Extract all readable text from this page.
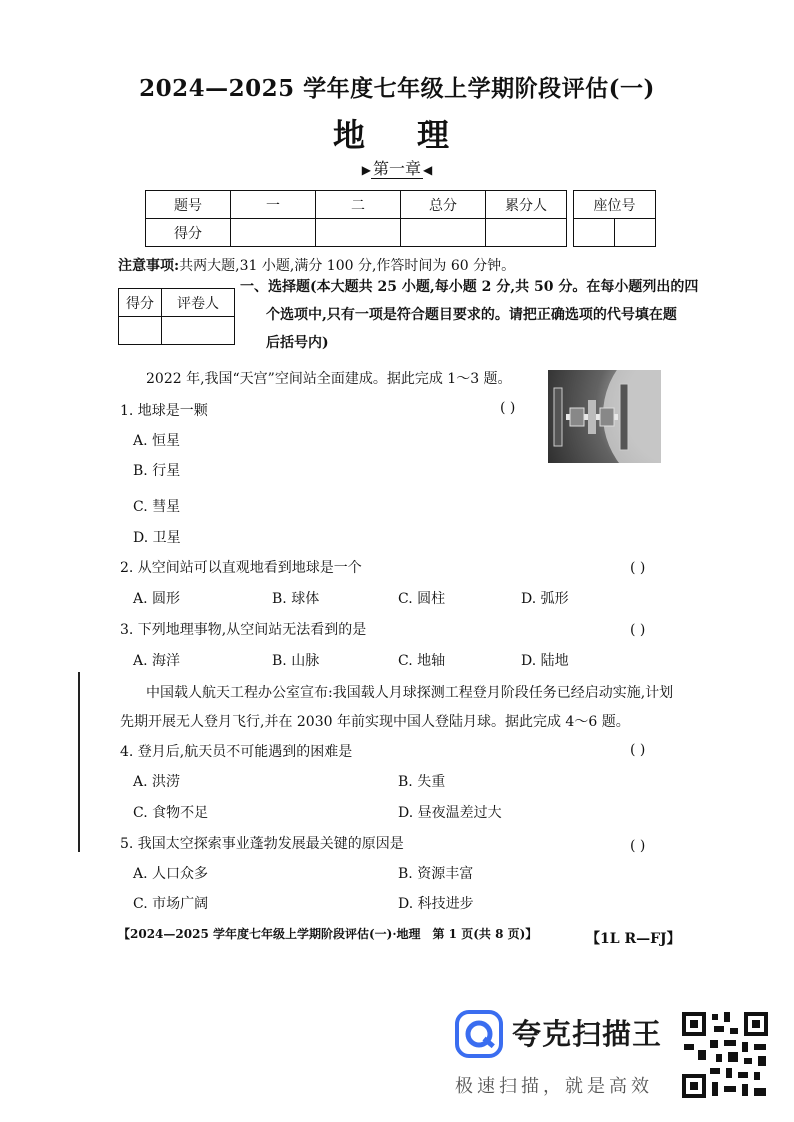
2024—2025 学年度七年级上学期阶段评估(一)
地理
▶ 第一章 ◀
题号	一	二	总分	累分人
得分				
座位号

注意事项:共两大题,31 小题,满分 100 分,作答时间为 60 分钟。
得分	评卷人

一、选择题(本大题共 25 小题,每小题 2 分,共 50 分。在每小题列出的四
个选项中,只有一项是符合题目要求的。请把正确选项的代号填在题
后括号内)
2022 年,我国“天宫”空间站全面建成。据此完成 1～3 题。
1. 地球是一颗	( )
A. 恒星
B. 行星
C. 彗星
D. 卫星
2. 从空间站可以直观地看到地球是一个	( )
A. 圆形	B. 球体	C. 圆柱	D. 弧形
3. 下列地理事物,从空间站无法看到的是	( )
A. 海洋	B. 山脉	C. 地轴	D. 陆地
中国载人航天工程办公室宣布:我国载人月球探测工程登月阶段任务已经启动实施,计划
先期开展无人登月飞行,并在 2030 年前实现中国人登陆月球。据此完成 4～6 题。
4. 登月后,航天员不可能遇到的困难是	( )
A. 洪涝	B. 失重
C. 食物不足	D. 昼夜温差过大
5. 我国太空探索事业蓬勃发展最关键的原因是	( )
A. 人口众多	B. 资源丰富
C. 市场广阔	D. 科技进步
【2024—2025 学年度七年级上学期阶段评估(一)·地理　第 1 页(共 8 页)】	【1L R—FJ】
夸克扫描王
极速扫描，就是高效
